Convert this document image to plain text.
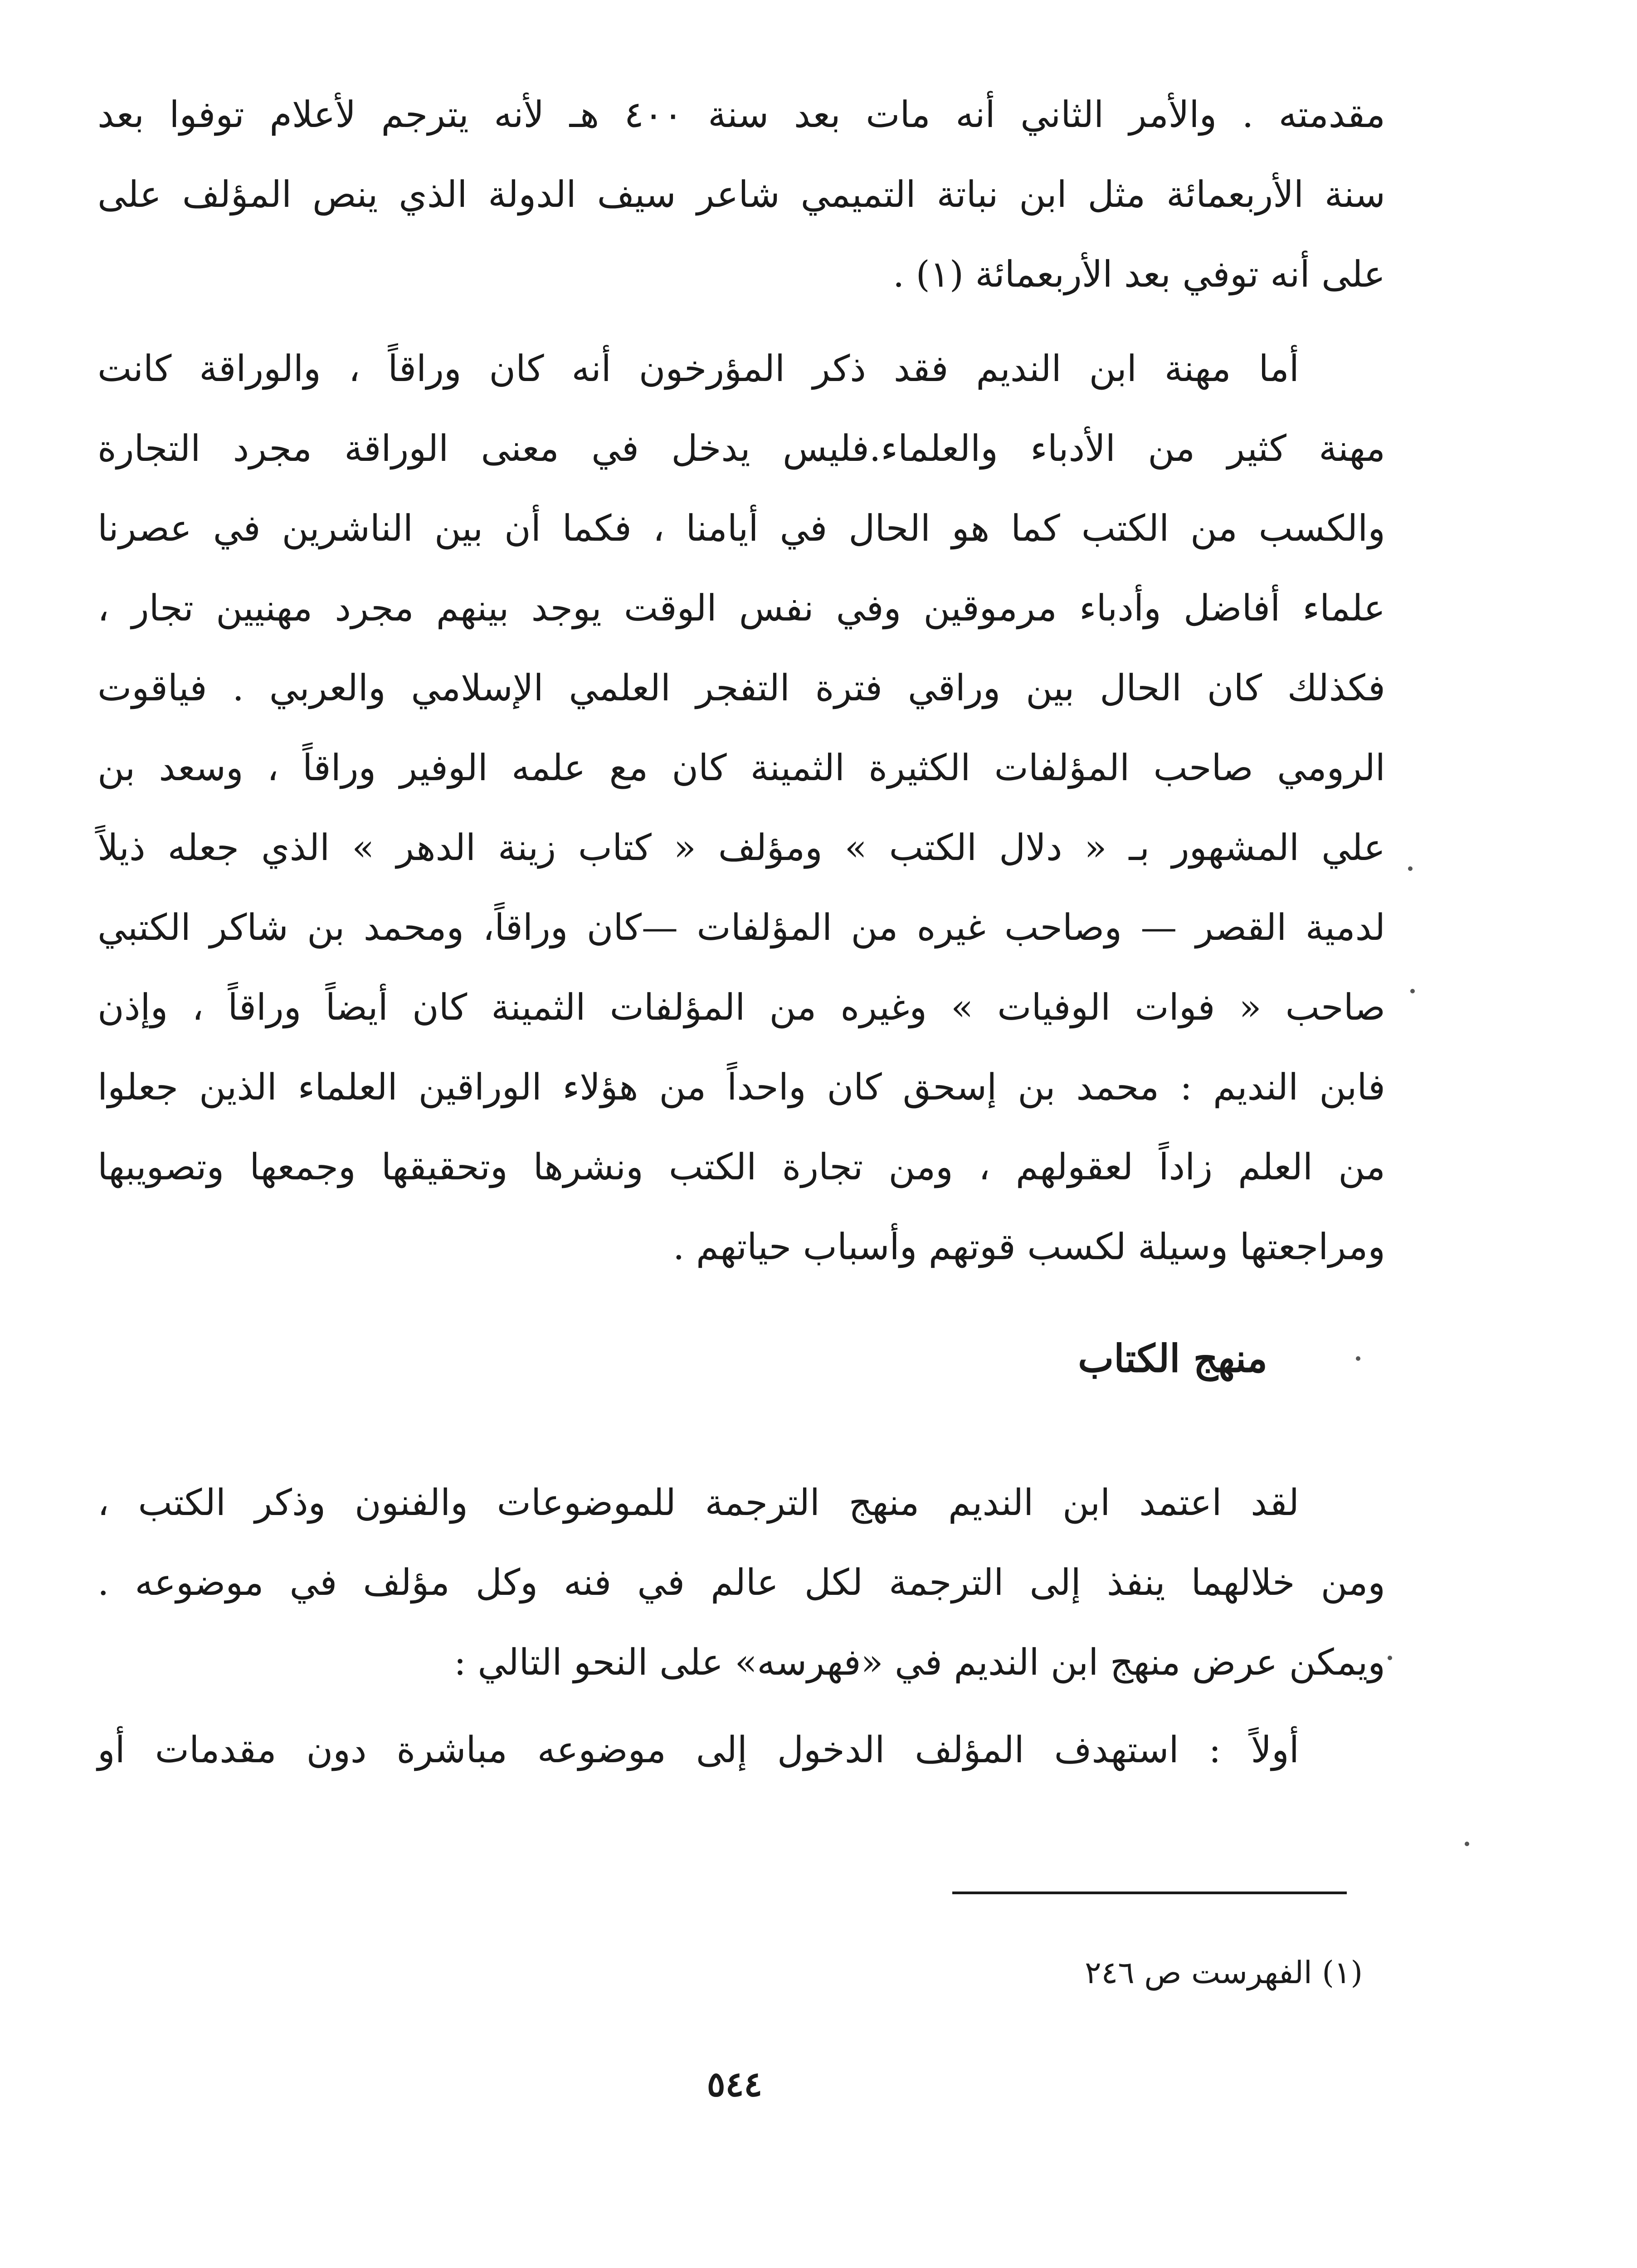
مقدمته . والأمر الثاني أنه مات بعد سنة ٤٠٠ هـ لأنه يترجم لأعلام توفوا بعد
سنة الأربعمائة مثل ابن نباتة التميمي شاعر سيف الدولة الذي ينص المؤلف على
على أنه توفي بعد الأربعمائة (١) .
أما مهنة ابن النديم فقد ذكر المؤرخون أنه كان وراقاً ، والوراقة كانت
مهنة كثير من الأدباء والعلماء.فليس يدخل في معنى الوراقة مجرد التجارة
والكسب من الكتب كما هو الحال في أيامنا ، فكما أن بين الناشرين في عصرنا
علماء أفاضل وأدباء مرموقين وفي نفس الوقت يوجد بينهم مجرد مهنيين تجار ،
فكذلك كان الحال بين وراقي فترة التفجر العلمي الإسلامي والعربي . فياقوت
الرومي صاحب المؤلفات الكثيرة الثمينة كان مع علمه الوفير وراقاً ، وسعد بن
علي المشهور بـ « دلال الكتب » ومؤلف « كتاب زينة الدهر » الذي جعله ذيلاً
لدمية القصر — وصاحب غيره من المؤلفات —كان وراقاً، ومحمد بن شاكر الكتبي
صاحب « فوات الوفيات » وغيره من المؤلفات الثمينة كان أيضاً وراقاً ، وإذن
فابن النديم : محمد بن إسحق كان واحداً من هؤلاء الوراقين العلماء الذين جعلوا
من العلم زاداً لعقولهم ، ومن تجارة الكتب ونشرها وتحقيقها وجمعها وتصويبها
ومراجعتها وسيلة لكسب قوتهم وأسباب حياتهم .
منهج الكتاب
لقد اعتمد ابن النديم منهج الترجمة للموضوعات والفنون وذكر الكتب ،
ومن خلالهما ينفذ إلى الترجمة لكل عالم في فنه وكل مؤلف في موضوعه .
ويمكن عرض منهج ابن النديم في «فهرسه» على النحو التالي :
أولاً : استهدف المؤلف الدخول إلى موضوعه مباشرة دون مقدمات أو
(١) الفهرست ص ٢٤٦
٥٤٤
